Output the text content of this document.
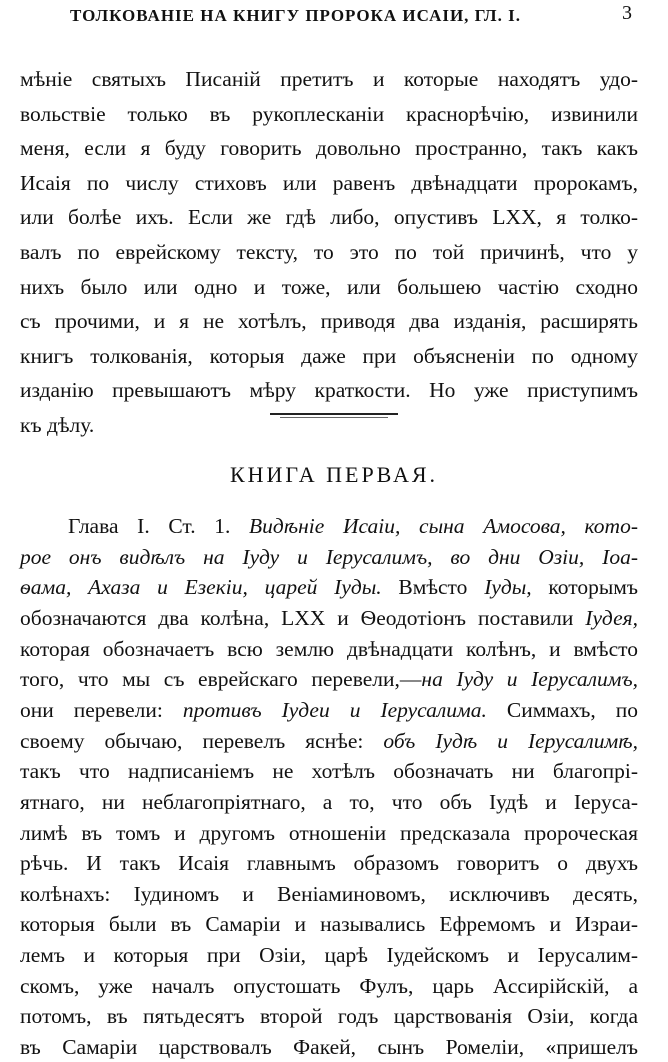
ТОЛКОВАНІЕ НА КНИГУ ПРОРОКА ИСАІИ, ГЛ. I.	3
мѣніе святыхъ Писаній претитъ и которые находятъ удо-
вольствіе только въ рукоплесканіи краснорѣчію, извинили
меня, если я буду говорить довольно пространно, такъ какъ
Исаія по числу стиховъ или равенъ двѣнадцати пророкамъ,
или болѣе ихъ. Если же гдѣ либо, опустивъ LXX, я толко-
валъ по еврейскому тексту, то это по той причинѣ, что у
нихъ было или одно и тоже, или большею частію сходно
съ прочими, и я не хотѣлъ, приводя два изданія, расширять
книгъ толкованія, которыя даже при объясненіи по одному
изданію превышаютъ мѣру краткости. Но уже приступимъ
къ дѣлу.
КНИГА ПЕРВАЯ.
Глава I. Ст. 1. Видѣніе Исаіи, сына Амосова, кото-
рое онъ видѣлъ на Іуду и Іерусалимъ, во дни Озіи, Іоа-
ѳама, Ахаза и Езекіи, царей Іуды. Вмѣсто Іуды, которымъ
обозначаются два колѣна, LXX и Ѳеодотіонъ поставили Іудея,
которая обозначаетъ всю землю двѣнадцати колѣнъ, и вмѣсто
того, что мы съ еврейскаго перевели,—на Іуду и Іерусалимъ,
они перевели: противъ Іудеи и Іерусалима. Симмахъ, по
своему обычаю, перевелъ яснѣе: объ Іудѣ и Іерусалимѣ,
такъ что надписаніемъ не хотѣлъ обозначать ни благопрі-
ятнаго, ни неблагопріятнаго, а то, что объ Іудѣ и Іерусa-
лимѣ въ томъ и другомъ отношеніи предсказала пророческая
рѣчь. И такъ Исаія главнымъ образомъ говоритъ о двухъ
колѣнахъ: Іудиномъ и Веніаминовомъ, исключивъ десять,
которыя были въ Самаріи и назывались Ефремомъ и Израи-
лемъ и которыя при Озіи, царѣ Іудейскомъ и Іерусалим-
скомъ, уже началъ опустошать Фулъ, царь Ассирійскій, а
потомъ, въ пятьдесятъ второй годъ царствованія Озіи, когда
въ Самаріи царствовалъ Факей, сынъ Ромеліи, «пришелъ
